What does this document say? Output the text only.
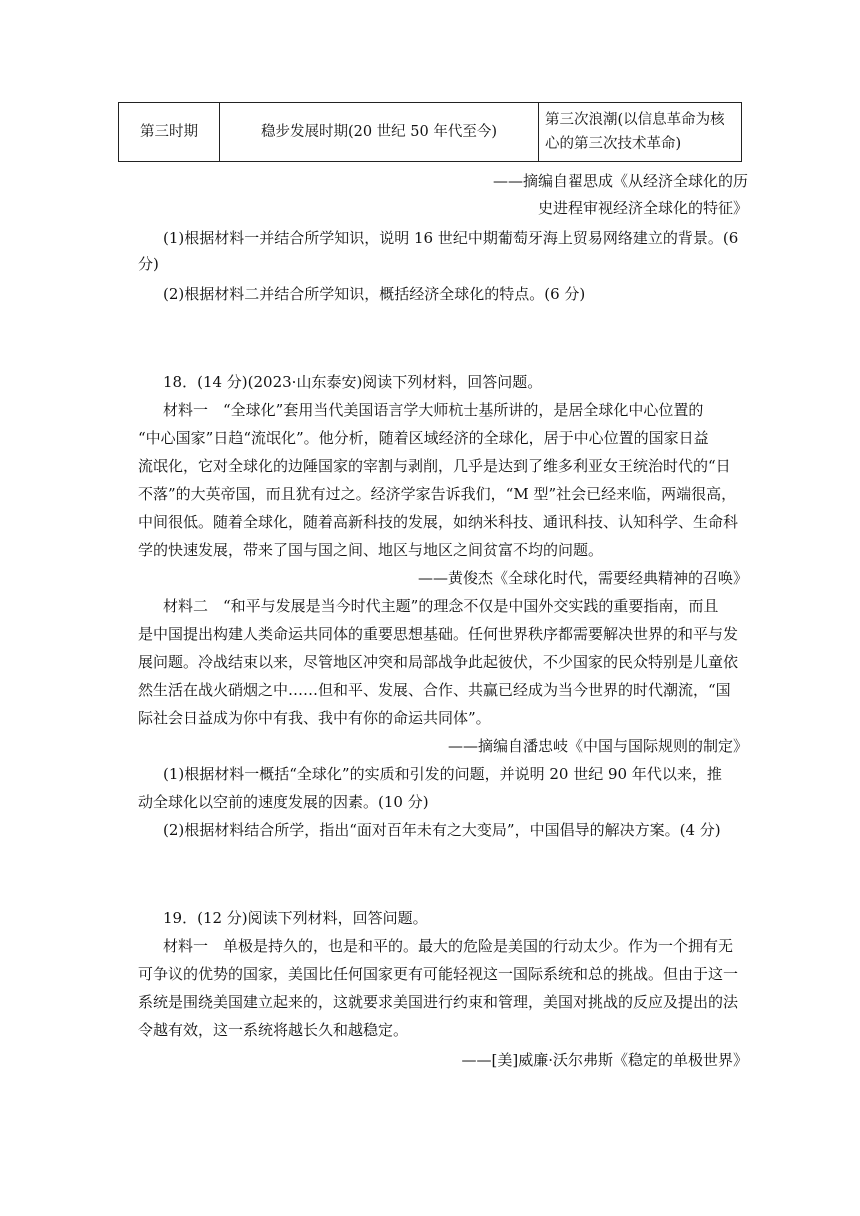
第三时期	稳步发展时期(20 世纪 50 年代至今)	第三次浪潮(以信息革命为核心的第三次技术革命)
——摘编自翟思成《从经济全球化的历
史进程审视经济全球化的特征》
(1)根据材料一并结合所学知识，说明 16 世纪中期葡萄牙海上贸易网络建立的背景。(6
分)
(2)根据材料二并结合所学知识，概括经济全球化的特点。(6 分)
18．(14 分)(2023·山东泰安)阅读下列材料，回答问题。
材料一　“全球化”套用当代美国语言学大师杭士基所讲的，是居全球化中心位置的
“中心国家”日趋“流氓化”。他分析，随着区域经济的全球化，居于中心位置的国家日益
流氓化，它对全球化的边陲国家的宰割与剥削，几乎是达到了维多利亚女王统治时代的“日
不落”的大英帝国，而且犹有过之。经济学家告诉我们，“M 型”社会已经来临，两端很高，
中间很低。随着全球化，随着高新科技的发展，如纳米科技、通讯科技、认知科学、生命科
学的快速发展，带来了国与国之间、地区与地区之间贫富不均的问题。
——黄俊杰《全球化时代，需要经典精神的召唤》
材料二　“和平与发展是当今时代主题”的理念不仅是中国外交实践的重要指南，而且
是中国提出构建人类命运共同体的重要思想基础。任何世界秩序都需要解决世界的和平与发
展问题。冷战结束以来，尽管地区冲突和局部战争此起彼伏，不少国家的民众特别是儿童依
然生活在战火硝烟之中……但和平、发展、合作、共赢已经成为当今世界的时代潮流，“国
际社会日益成为你中有我、我中有你的命运共同体”。
——摘编自潘忠岐《中国与国际规则的制定》
(1)根据材料一概括“全球化”的实质和引发的问题，并说明 20 世纪 90 年代以来，推
动全球化以空前的速度发展的因素。(10 分)
(2)根据材料结合所学，指出“面对百年未有之大变局”，中国倡导的解决方案。(4 分)
19．(12 分)阅读下列材料，回答问题。
材料一　单极是持久的，也是和平的。最大的危险是美国的行动太少。作为一个拥有无
可争议的优势的国家，美国比任何国家更有可能轻视这一国际系统和总的挑战。但由于这一
系统是围绕美国建立起来的，这就要求美国进行约束和管理，美国对挑战的反应及提出的法
令越有效，这一系统将越长久和越稳定。
——[美]威廉·沃尔弗斯《稳定的单极世界》
